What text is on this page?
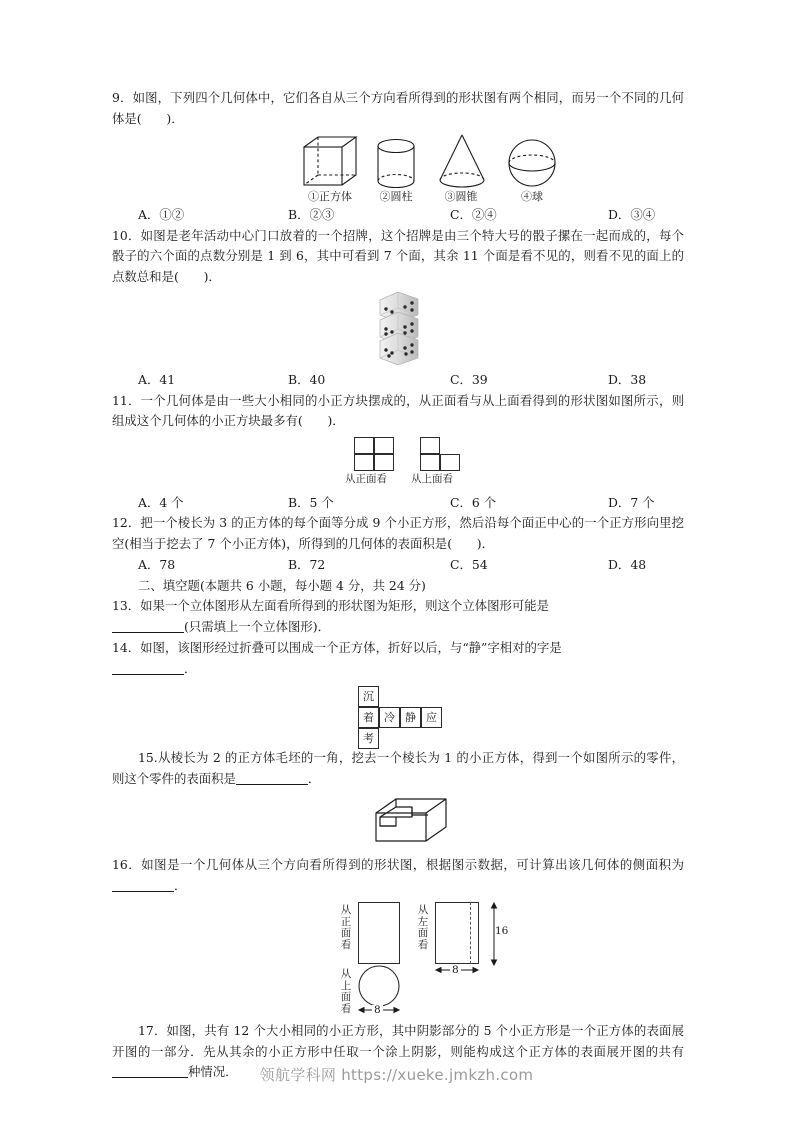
9．如图，下列四个几何体中，它们各自从三个方向看所得到的形状图有两个相同，而另一个不同的几何体是(　　)．

①正方体	②圆柱	③圆锥	④球
A．①②	B．②③	C．②④	D．③④

10．如图是老年活动中心门口放着的一个招牌，这个招牌是由三个特大号的骰子摞在一起而成的，每个骰子的六个面的点数分别是 1 到 6，其中可看到 7 个面，其余 11 个面是看不见的，则看不见的面上的点数总和是(　　)．

A．41	B．40	C．39	D．38

11．一个几何体是由一些大小相同的小正方块摆成的，从正面看与从上面看得到的形状图如图所示，则组成这个几何体的小正方块最多有(　　)．

从正面看 从上面看
A．4 个	B．5 个	C．6 个	D．7 个

12．把一个棱长为 3 的正方体的每个面等分成 9 个小正方形，然后沿每个面正中心的一个正方形向里挖空(相当于挖去了 7 个小正方体)，所得到的几何体的表面积是(　　)．

A．78	B．72	C．54	D．48

二、填空题(本题共 6 小题，每小题 4 分，共 24 分)

13．如果一个立体图形从左面看所得到的形状图为矩形，则这个立体图形可能是
(只需填上一个立体图形)．

14．如图，该图形经过折叠可以围成一个正方体，折好以后，与“静”字相对的字是
．

沉
着 冷 静 应
考

15.从棱长为 2 的正方体毛坯的一角，挖去一个棱长为 1 的小正方体，得到一个如图所示的零件，则这个零件的表面积是	．

16．如图是一个几何体从三个方向看所得到的形状图，根据图示数据，可计算出该几何体的侧面积为．

从
正
面
看
从
上
面
看
从
左
面
看
8
8
16

17．如图，共有 12 个大小相同的小正方形，其中阴影部分的 5 个小正方形是一个正方体的表面展开图的一部分．先从其余的小正方形中任取一个涂上阴影，则能构成这个正方体的表面展开图的共有种情况．	领航学科网 https://xueke.jmkzh.com
